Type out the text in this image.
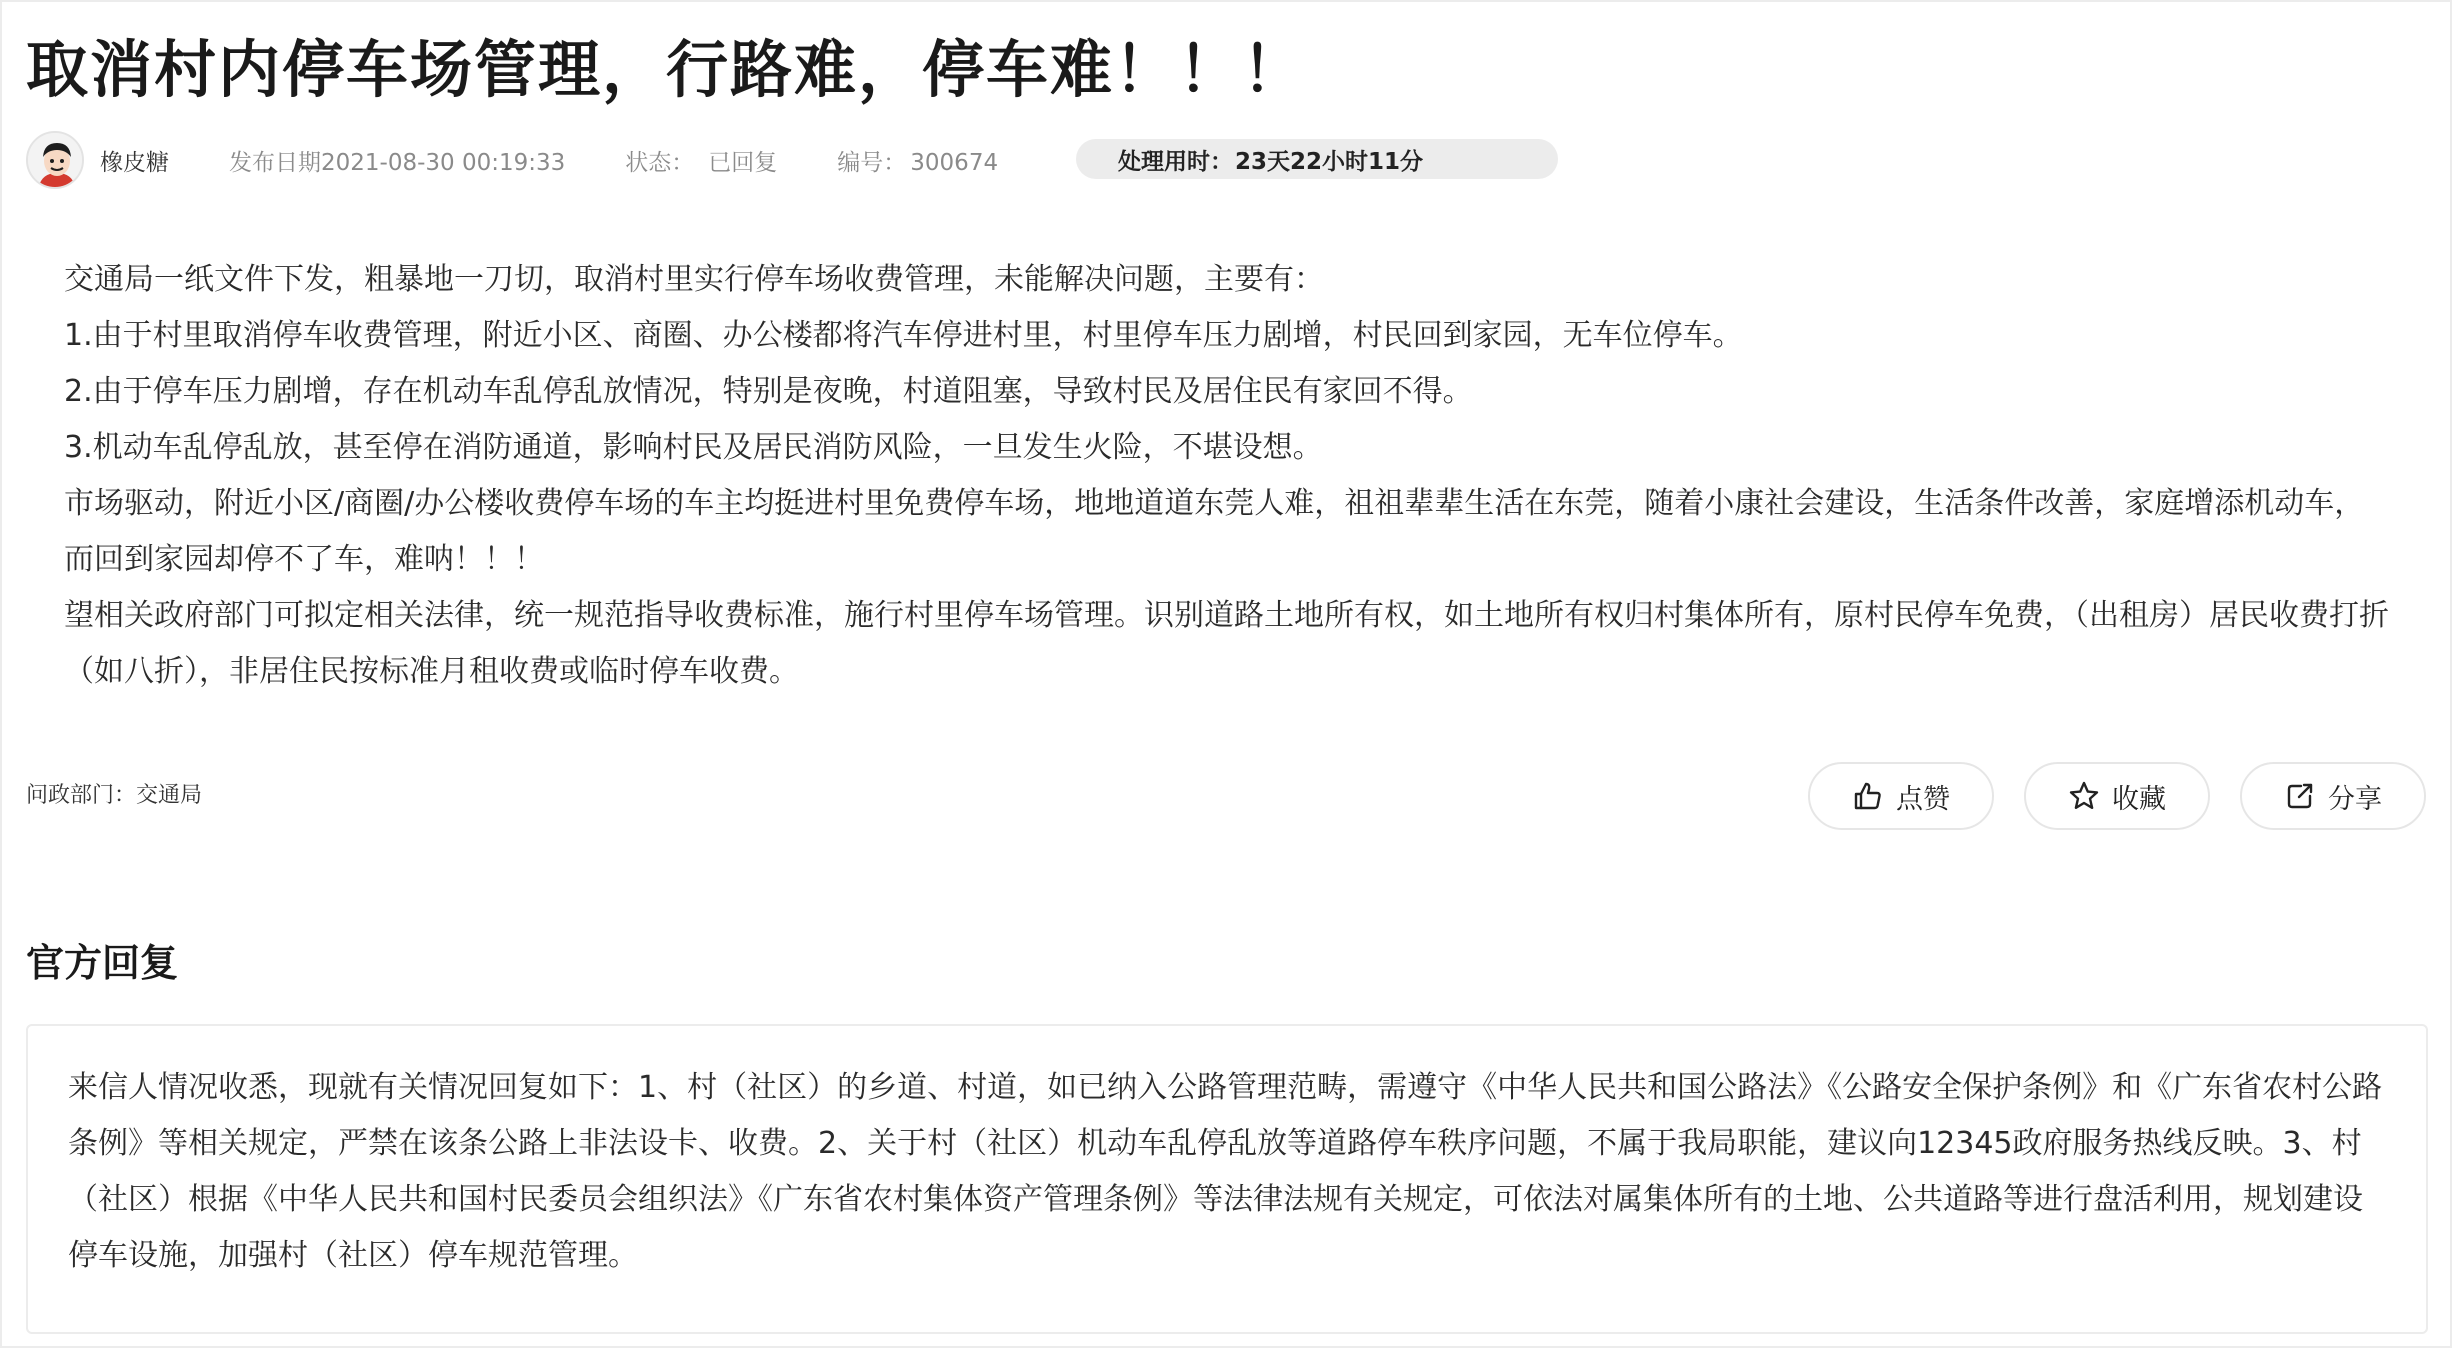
取消村内停车场管理，行路难，停车难！！！
橡皮糖	发布日期2021-08-30 00:19:33	状态： 已回复	编号： 300674	处理用时： 23天22小时11分

交通局一纸文件下发，粗暴地一刀切，取消村里实行停车场收费管理，未能解决问题，主要有：

1.由于村里取消停车收费管理，附近小区、商圈、办公楼都将汽车停进村里，村里停车压力剧增，村民回到家园，无车位停车。

2.由于停车压力剧增，存在机动车乱停乱放情况，特别是夜晚，村道阻塞，导致村民及居住民有家回不得。

3.机动车乱停乱放，甚至停在消防通道，影响村民及居民消防风险，一旦发生火险，不堪设想。

市场驱动，附近小区/商圈/办公楼收费停车场的车主均挺进村里免费停车场，地地道道东莞人难，祖祖辈辈生活在东莞，随着小康社会建设，生活条件改善，家庭增添机动车，而回到家园却停不了车，难呐！！！

望相关政府部门可拟定相关法律，统一规范指导收费标准，施行村里停车场管理。识别道路土地所有权，如土地所有权归村集体所有，原村民停车免费，（出租房）居民收费打折（如八折），非居住民按标准月租收费或临时停车收费。

问政部门：交通局	点赞	收藏	分享
官方回复

来信人情况收悉，现就有关情况回复如下：1、村（社区）的乡道、村道，如已纳入公路管理范畴，需遵守《中华人民共和国公路法》《公路安全保护条例》和《广东省农村公路条例》等相关规定，严禁在该条公路上非法设卡、收费。2、关于村（社区）机动车乱停乱放等道路停车秩序问题，不属于我局职能，建议向12345政府服务热线反映。3、村（社区）根据《中华人民共和国村民委员会组织法》《广东省农村集体资产管理条例》等法律法规有关规定，可依法对属集体所有的土地、公共道路等进行盘活利用，规划建设停车设施，加强村（社区）停车规范管理。
